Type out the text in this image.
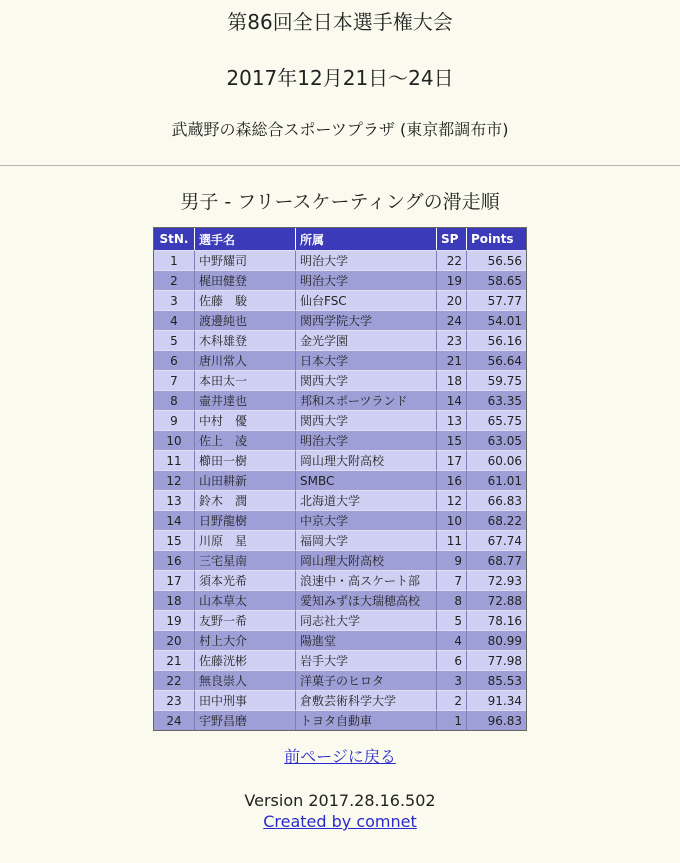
第86回全日本選手権大会
2017年12月21日～24日
武蔵野の森総合スポーツプラザ (東京都調布市)
男子 - フリースケーティングの滑走順
StN.	選手名	所属	SP	Points
1	中野耀司	明治大学	22	56.56
2	梶田健登	明治大学	19	58.65
3	佐藤　駿	仙台FSC	20	57.77
4	渡邊純也	関西学院大学	24	54.01
5	木科雄登	金光学園	23	56.16
6	唐川常人	日本大学	21	56.64
7	本田太一	関西大学	18	59.75
8	壷井達也	邦和スポーツランド	14	63.35
9	中村　優	関西大学	13	65.75
10	佐上　凌	明治大学	15	63.05
11	櫛田一樹	岡山理大附高校	17	60.06
12	山田耕新	SMBC	16	61.01
13	鈴木　潤	北海道大学	12	66.83
14	日野龍樹	中京大学	10	68.22
15	川原　星	福岡大学	11	67.74
16	三宅星南	岡山理大附高校	9	68.77
17	須本光希	浪速中・高スケート部	7	72.93
18	山本草太	愛知みずほ大瑞穂高校	8	72.88
19	友野一希	同志社大学	5	78.16
20	村上大介	陽進堂	4	80.99
21	佐藤洸彬	岩手大学	6	77.98
22	無良崇人	洋菓子のヒロタ	3	85.53
23	田中刑事	倉敷芸術科学大学	2	91.34
24	宇野昌磨	トヨタ自動車	1	96.83
前ページに戻る
Version 2017.28.16.502
Created by comnet
